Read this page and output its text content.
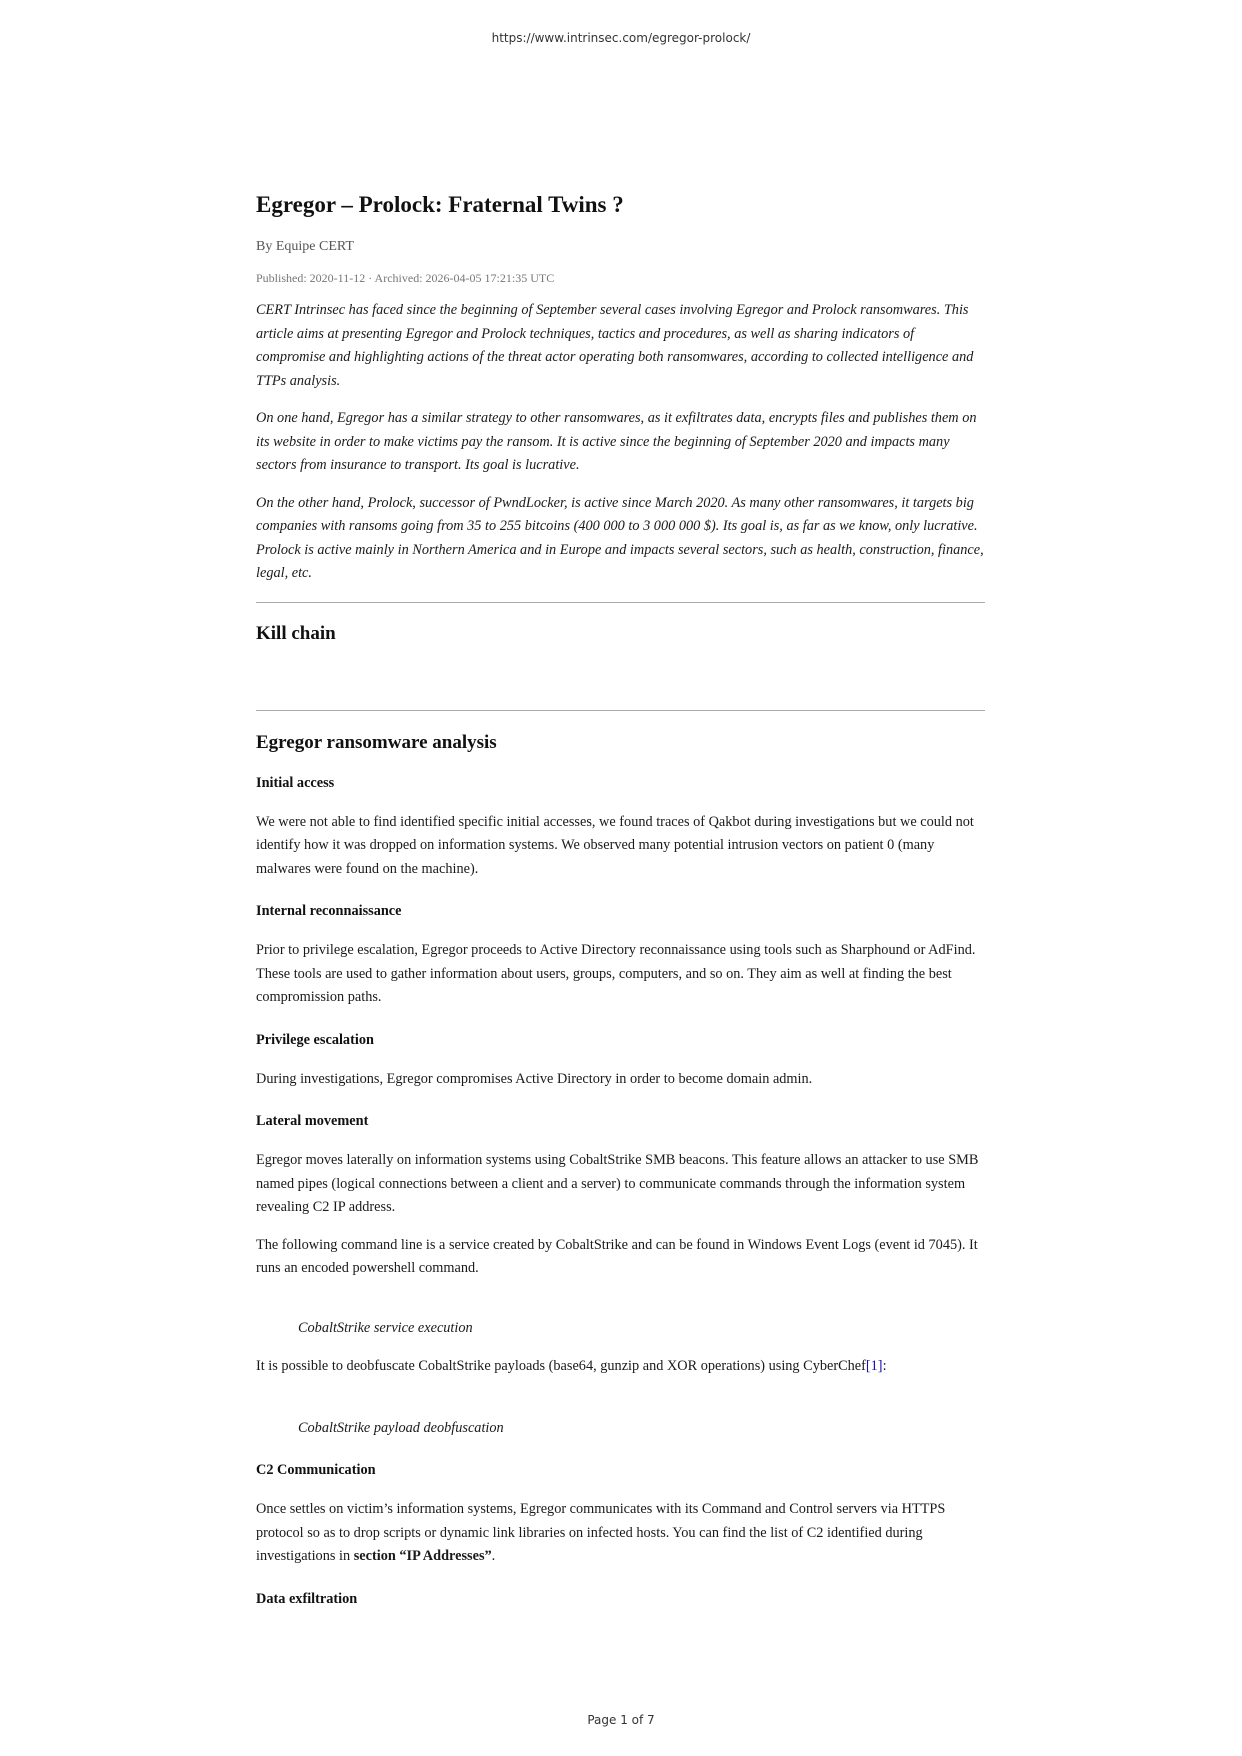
https://www.intrinsec.com/egregor-prolock/
Egregor – Prolock: Fraternal Twins ?
By Equipe CERT
Published: 2020-11-12 · Archived: 2026-04-05 17:21:35 UTC

CERT Intrinsec has faced since the beginning of September several cases involving Egregor and Prolock ransomwares. This article aims at presenting Egregor and Prolock techniques, tactics and procedures, as well as sharing indicators of compromise and highlighting actions of the threat actor operating both ransomwares, according to collected intelligence and TTPs analysis.

On one hand, Egregor has a similar strategy to other ransomwares, as it exfiltrates data, encrypts files and publishes them on its website in order to make victims pay the ransom. It is active since the beginning of September 2020 and impacts many sectors from insurance to transport. Its goal is lucrative.

On the other hand, Prolock, successor of PwndLocker, is active since March 2020. As many other ransomwares, it targets big companies with ransoms going from 35 to 255 bitcoins (400 000 to 3 000 000 $). Its goal is, as far as we know, only lucrative. Prolock is active mainly in Northern America and in Europe and impacts several sectors, such as health, construction, finance, legal, etc.

Kill chain
Egregor ransomware analysis
Initial access

We were not able to find identified specific initial accesses, we found traces of Qakbot during investigations but we could not identify how it was dropped on information systems. We observed many potential intrusion vectors on patient 0 (many malwares were found on the machine).

Internal reconnaissance

Prior to privilege escalation, Egregor proceeds to Active Directory reconnaissance using tools such as Sharphound or AdFind. These tools are used to gather information about users, groups, computers, and so on. They aim as well at finding the best compromission paths.

Privilege escalation

During investigations, Egregor compromises Active Directory in order to become domain admin.

Lateral movement

Egregor moves laterally on information systems using CobaltStrike SMB beacons. This feature allows an attacker to use SMB named pipes (logical connections between a client and a server) to communicate commands through the information system revealing C2 IP address.

The following command line is a service created by CobaltStrike and can be found in Windows Event Logs (event id 7045). It runs an encoded powershell command.

CobaltStrike service execution

It is possible to deobfuscate CobaltStrike payloads (base64, gunzip and XOR operations) using CyberChef[1]:

CobaltStrike payload deobfuscation

C2 Communication

Once settles on victim’s information systems, Egregor communicates with its Command and Control servers via HTTPS protocol so as to drop scripts or dynamic link libraries on infected hosts. You can find the list of C2 identified during investigations in section “IP Addresses”.

Data exfiltration
Page 1 of 7
